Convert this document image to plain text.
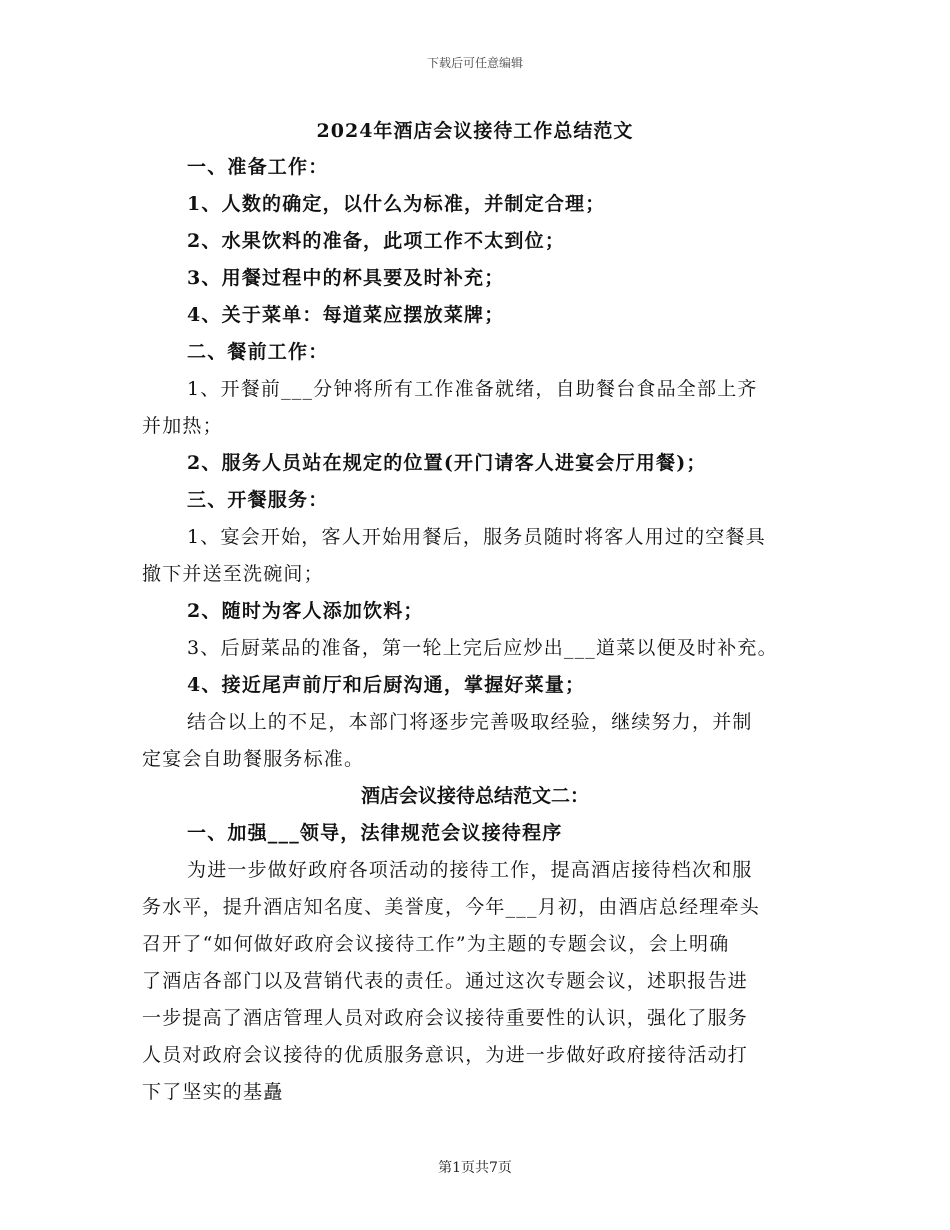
下载后可任意编辑
2024年酒店会议接待工作总结范文
一、准备工作：
1、人数的确定，以什么为标准，并制定合理；
2、水果饮料的准备，此项工作不太到位；
3、用餐过程中的杯具要及时补充；
4、关于菜单：每道菜应摆放菜牌；
二、餐前工作：
1、开餐前___分钟将所有工作准备就绪，自助餐台食品全部上齐
并加热；
2、服务人员站在规定的位置(开门请客人进宴会厅用餐)；
三、开餐服务：
1、宴会开始，客人开始用餐后，服务员随时将客人用过的空餐具
撤下并送至洗碗间；
2、随时为客人添加饮料；
3、后厨菜品的准备，第一轮上完后应炒出___道菜以便及时补充。
4、接近尾声前厅和后厨沟通，掌握好菜量；
结合以上的不足，本部门将逐步完善吸取经验，继续努力，并制
定宴会自助餐服务标准。
酒店会议接待总结范文二：
一、加强___领导，法律规范会议接待程序
为进一步做好政府各项活动的接待工作，提高酒店接待档次和服
务水平，提升酒店知名度、美誉度，今年___月初，由酒店总经理牵头
召开了“如何做好政府会议接待工作”为主题的专题会议，会上明确
了酒店各部门以及营销代表的责任。通过这次专题会议，述职报告进
一步提高了酒店管理人员对政府会议接待重要性的认识，强化了服务
人员对政府会议接待的优质服务意识，为进一步做好政府接待活动打
下了坚实的基矗
第1页共7页
